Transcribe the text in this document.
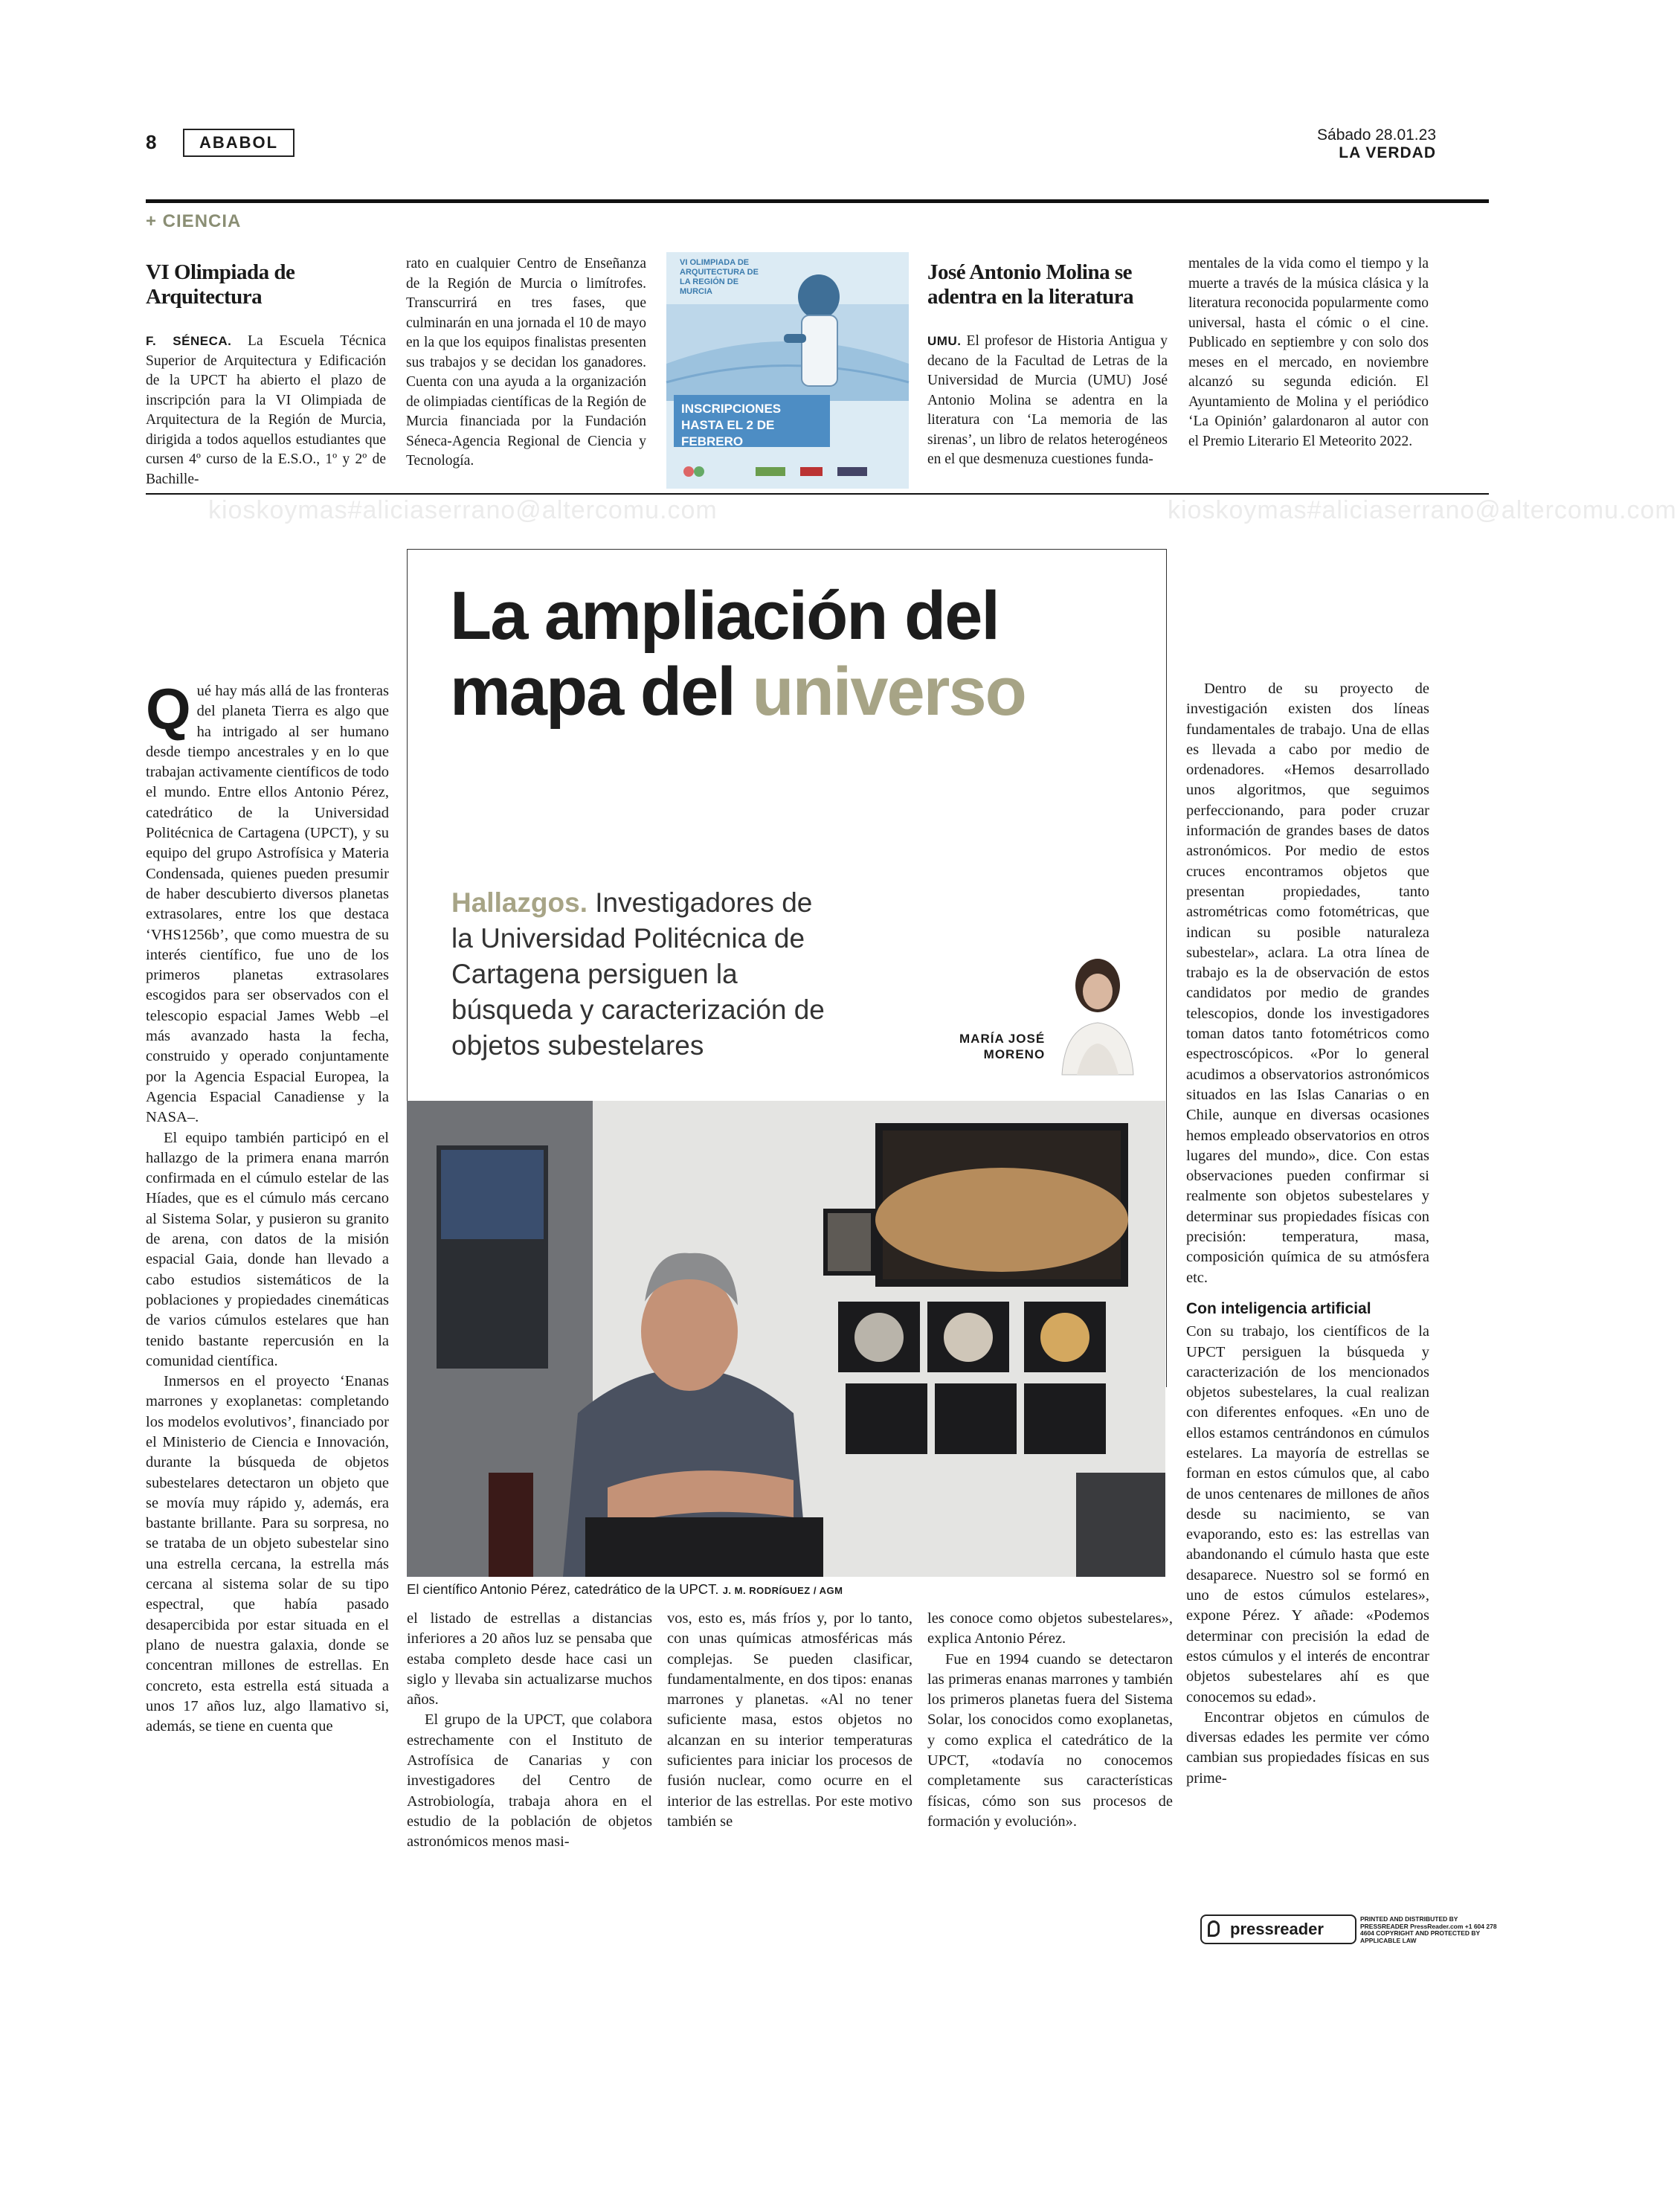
8	ABABOL	Sábado 28.01.23
LA VERDAD
+ CIENCIA
VI Olimpiada de Arquitectura
F. SÉNECA. La Escuela Técnica Superior de Arquitectura y Edificación de la UPCT ha abierto el plazo de inscripción para la VI Olimpiada de Arquitectura de la Región de Murcia, dirigida a todos aquellos estudiantes que cursen 4º curso de la E.S.O., 1º y 2º de Bachille-
rato en cualquier Centro de Enseñanza de la Región de Murcia o limítrofes. Transcurrirá en tres fases, que culminarán en una jornada el 10 de mayo en la que los equipos finalistas presenten sus trabajos y se decidan los ganadores. Cuenta con una ayuda a la organización de olimpiadas científicas de la Región de Murcia financiada por la Fundación Séneca-Agencia Regional de Ciencia y Tecnología.
VI OLIMPIADA DE ARQUITECTURA DE LA REGIÓN DE MURCIA
INSCRIPCIONES HASTA EL 2 DE FEBRERO
José Antonio Molina se adentra en la literatura
UMU. El profesor de Historia Antigua y decano de la Facultad de Letras de la Universidad de Murcia (UMU) José Antonio Molina se adentra en la literatura con ‘La memoria de las sirenas’, un libro de relatos heterogéneos en el que desmenuza cuestiones funda-
mentales de la vida como el tiempo y la muerte a través de la música clásica y la literatura reconocida popularmente como universal, hasta el cómic o el cine. Publicado en septiembre y con solo dos meses en el mercado, en noviembre alcanzó su segunda edición. El Ayuntamiento de Molina y el periódico ‘La Opinión’ galardonaron al autor con el Premio Literario El Meteorito 2022.
kioskoymas#aliciaserrano@altercomu.com	kioskoymas#aliciaserrano@altercomu.com
La ampliación del
mapa del universo
Hallazgos. Investigadores de la Universidad Politécnica de Cartagena persiguen la búsqueda y caracterización de objetos subestelares	MARÍA JOSÉ
MORENO
El científico Antonio Pérez, catedrático de la UPCT. J. M. RODRÍGUEZ / AGM

Qué hay más allá de las fronteras del planeta Tierra es algo que ha intrigado al ser humano desde tiempo ancestrales y en lo que trabajan activamente científicos de todo el mundo. Entre ellos Antonio Pérez, catedrático de la Universidad Politécnica de Cartagena (UPCT), y su equipo del grupo Astrofísica y Materia Condensada, quienes pueden presumir de haber descubierto diversos planetas extrasolares, entre los que destaca ‘VHS1256b’, que como muestra de su interés científico, fue uno de los primeros planetas extrasolares escogidos para ser observados con el telescopio espacial James Webb –el más avanzado hasta la fecha, construido y operado conjuntamente por la Agencia Espacial Europea, la Agencia Espacial Canadiense y la NASA–.

El equipo también participó en el hallazgo de la primera enana marrón confirmada en el cúmulo estelar de las Híades, que es el cúmulo más cercano al Sistema Solar, y pusieron su granito de arena, con datos de la misión espacial Gaia, donde han llevado a cabo estudios sistemáticos de la poblaciones y propiedades cinemáticas de varios cúmulos estelares que han tenido bastante repercusión en la comunidad científica.

Inmersos en el proyecto ‘Enanas marrones y exoplanetas: completando los modelos evolutivos’, financiado por el Ministerio de Ciencia e Innovación, durante la búsqueda de objetos subestelares detectaron un objeto que se movía muy rápido y, además, era bastante brillante. Para su sorpresa, no se trataba de un objeto subestelar sino una estrella cercana, la estrella más cercana al sistema solar de su tipo espectral, que había pasado desapercibida por estar situada en el plano de nuestra galaxia, donde se concentran millones de estrellas. En concreto, esta estrella está situada a unos 17 años luz, algo llamativo si, además, se tiene en cuenta que

el listado de estrellas a distancias inferiores a 20 años luz se pensaba que estaba completo desde hace casi un siglo y llevaba sin actualizarse muchos años.

El grupo de la UPCT, que colabora estrechamente con el Instituto de Astrofísica de Canarias y con investigadores del Centro de Astrobiología, trabaja ahora en el estudio de la población de objetos astronómicos menos masi-

vos, esto es, más fríos y, por lo tanto, con unas químicas atmosféricas más complejas. Se pueden clasificar, fundamentalmente, en dos tipos: enanas marrones y planetas. «Al no tener suficiente masa, estos objetos no alcanzan en su interior temperaturas suficientes para iniciar los procesos de fusión nuclear, como ocurre en el interior de las estrellas. Por este motivo también se

les conoce como objetos subestelares», explica Antonio Pérez.

Fue en 1994 cuando se detectaron las primeras enanas marrones y también los primeros planetas fuera del Sistema Solar, los conocidos como exoplanetas, y como explica el catedrático de la UPCT, «todavía no conocemos completamente sus características físicas, cómo son sus procesos de formación y evolución».

Dentro de su proyecto de investigación existen dos líneas fundamentales de trabajo. Una de ellas es llevada a cabo por medio de ordenadores. «Hemos desarrollado unos algoritmos, que seguimos perfeccionando, para poder cruzar información de grandes bases de datos astronómicos. Por medio de estos cruces encontramos objetos que presentan propiedades, tanto astrométricas como fotométricas, que indican su posible naturaleza subestelar», aclara. La otra línea de trabajo es la de observación de estos candidatos por medio de grandes telescopios, donde los investigadores toman datos tanto fotométricos como espectroscópicos. «Por lo general acudimos a observatorios astronómicos situados en las Islas Canarias o en Chile, aunque en diversas ocasiones hemos empleado observatorios en otros lugares del mundo», dice. Con estas observaciones pueden confirmar si realmente son objetos subestelares y determinar sus propiedades físicas con precisión: temperatura, masa, composición química de su atmósfera etc.

Con inteligencia artificial

Con su trabajo, los científicos de la UPCT persiguen la búsqueda y caracterización de los mencionados objetos subestelares, la cual realizan con diferentes enfoques. «En uno de ellos estamos centrándonos en cúmulos estelares. La mayoría de estrellas se forman en estos cúmulos que, al cabo de unos centenares de millones de años desde su nacimiento, se van evaporando, esto es: las estrellas van abandonando el cúmulo hasta que este desaparece. Nuestro sol se formó en uno de estos cúmulos estelares», expone Pérez. Y añade: «Podemos determinar con precisión la edad de estos cúmulos y el interés de encontrar objetos subestelares ahí es que conocemos su edad».

Encontrar objetos en cúmulos de diversas edades les permite ver cómo cambian sus propiedades físicas en sus prime-

pressreader
PRINTED AND DISTRIBUTED BY PRESSREADER PressReader.com +1 604 278 4604 COPYRIGHT AND PROTECTED BY APPLICABLE LAW
